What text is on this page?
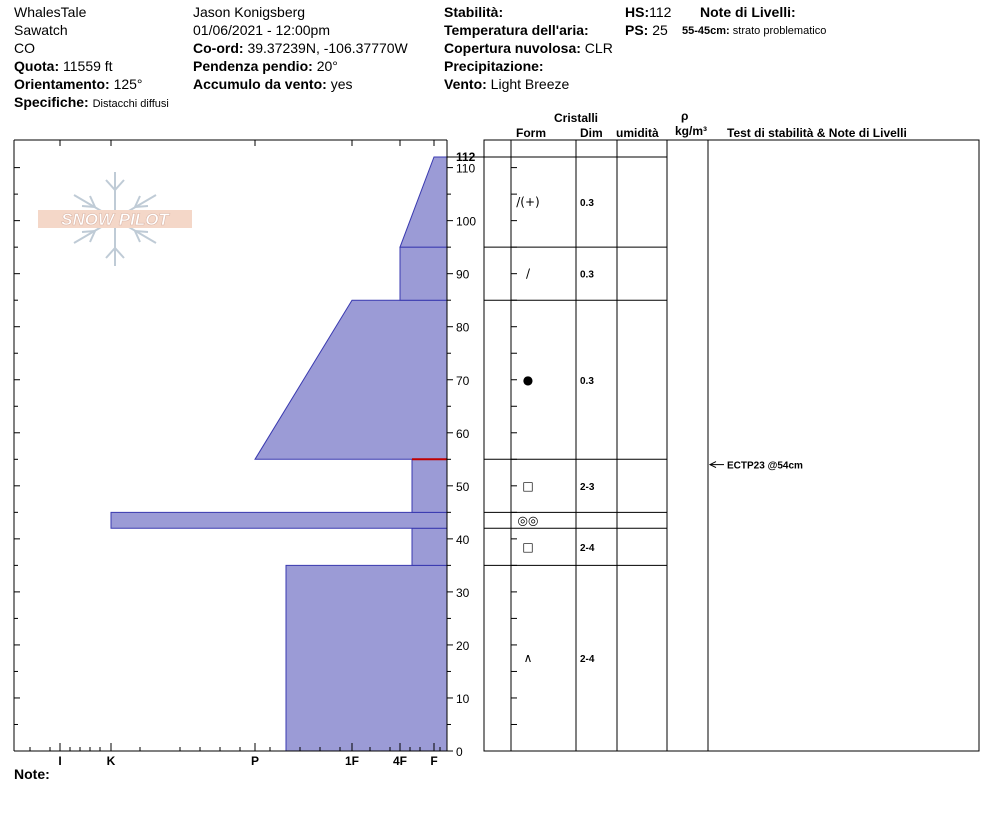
WhalesTale
Sawatch
CO
Quota: 11559 ft
Orientamento: 125°
Specifiche: Distacchi diffusi
Jason Konigsberg
01/06/2021 - 12:00pm
Co-ord: 39.37239N, -106.37770W
Pendenza pendio: 20°
Accumulo da vento: yes
Stabilità:
Temperatura dell'aria:
Copertura nuvolosa: CLR
Precipitazione:
Vento: Light Breeze
HS:112
PS: 25
Note di Livelli:
55-45cm: strato problematico
Cristalli
Form	Dim umidità
ρ
kg/m³ Test di stabilità & Note di Livelli
Note:
SNOW PILOT
0
10
20
30
40
50
60
70
80
90
100
110
112
I	K	P	1F	4F F
/(+)	0.3
/	0.3
●	0.3
□	2-3
◎◎
□	2-4
∧	2-4
ECTP23 @54cm
